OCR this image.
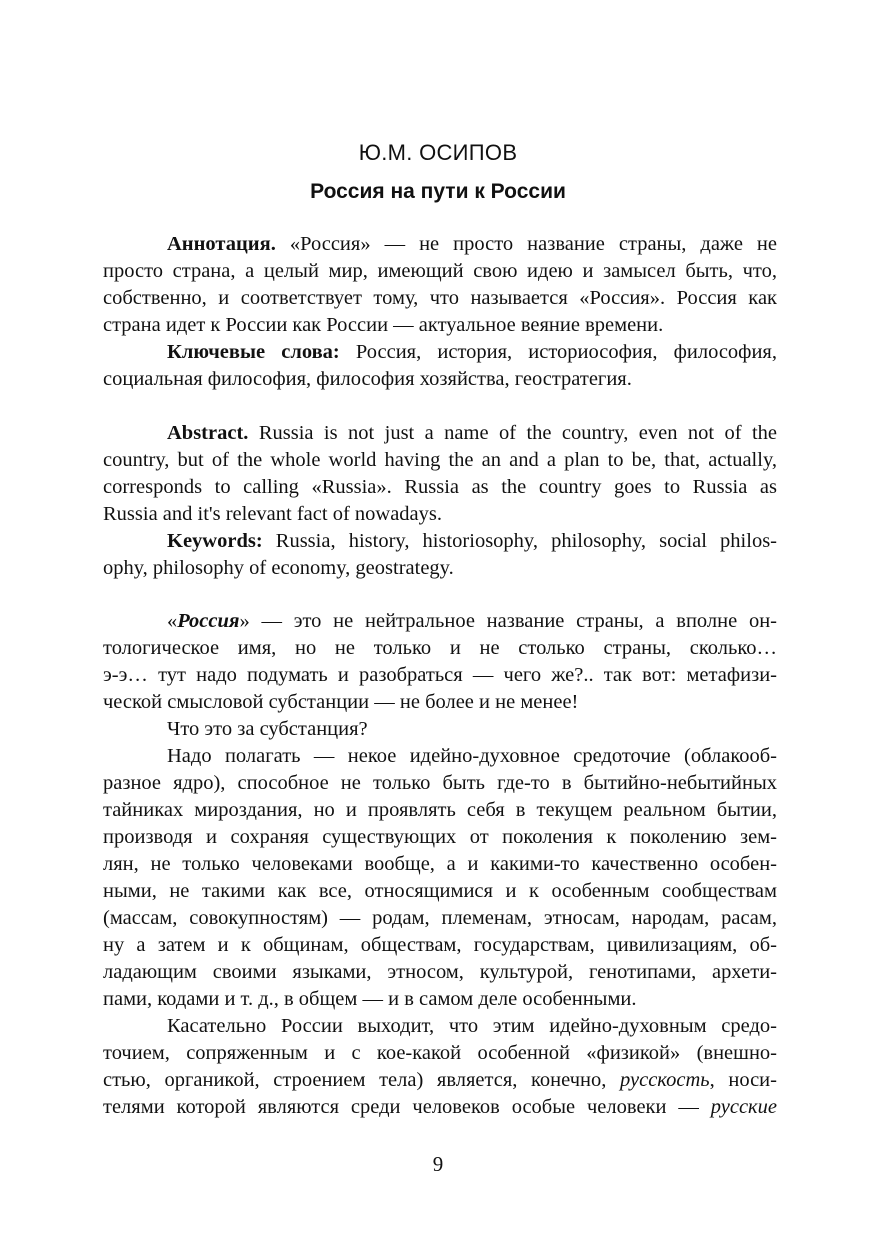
Ю.М. ОСИПОВ
Россия на пути к России
Аннотация. «Россия» — не просто название страны, даже не
просто страна, а целый мир, имеющий свою идею и замысел быть, что,
собственно, и соответствует тому, что называется «Россия». Россия как
страна идет к России как России — актуальное веяние времени.
Ключевые слова: Россия, история, историософия, философия,
социальная философия, философия хозяйства, геостратегия.
Abstract. Russia is not just a name of the country, even not of the
country, but of the whole world having the an and a plan to be, that, actually,
corresponds to calling «Russia». Russia as the country goes to Russia as
Russia and it's relevant fact of nowadays.
Keywords: Russia, history, historiosophy, philosophy, social philos-
ophy, philosophy of economy, geostrategy.
«Россия» — это не нейтральное название страны, а вполне он-
тологическое имя, но не только и не столько страны, сколько…
э-э… тут надо подумать и разобраться — чего же?.. так вот: метафизи-
ческой смысловой субстанции — не более и не менее!
Что это за субстанция?
Надо полагать — некое идейно-духовное средоточие (облакооб-
разное ядро), способное не только быть где-то в бытийно-небытийных
тайниках мироздания, но и проявлять себя в текущем реальном бытии,
производя и сохраняя существующих от поколения к поколению зем-
лян, не только человеками вообще, а и какими-то качественно особен-
ными, не такими как все, относящимися и к особенным сообществам
(массам, совокупностям) — родам, племенам, этносам, народам, расам,
ну а затем и к общинам, обществам, государствам, цивилизациям, об-
ладающим своими языками, этносом, культурой, генотипами, архети-
пами, кодами и т. д., в общем — и в самом деле особенными.
Касательно России выходит, что этим идейно-духовным средо-
точием, сопряженным и с кое-какой особенной «физикой» (внешно-
стью, органикой, строением тела) является, конечно, русскость, носи-
телями которой являются среди человеков особые человеки — русские
9
